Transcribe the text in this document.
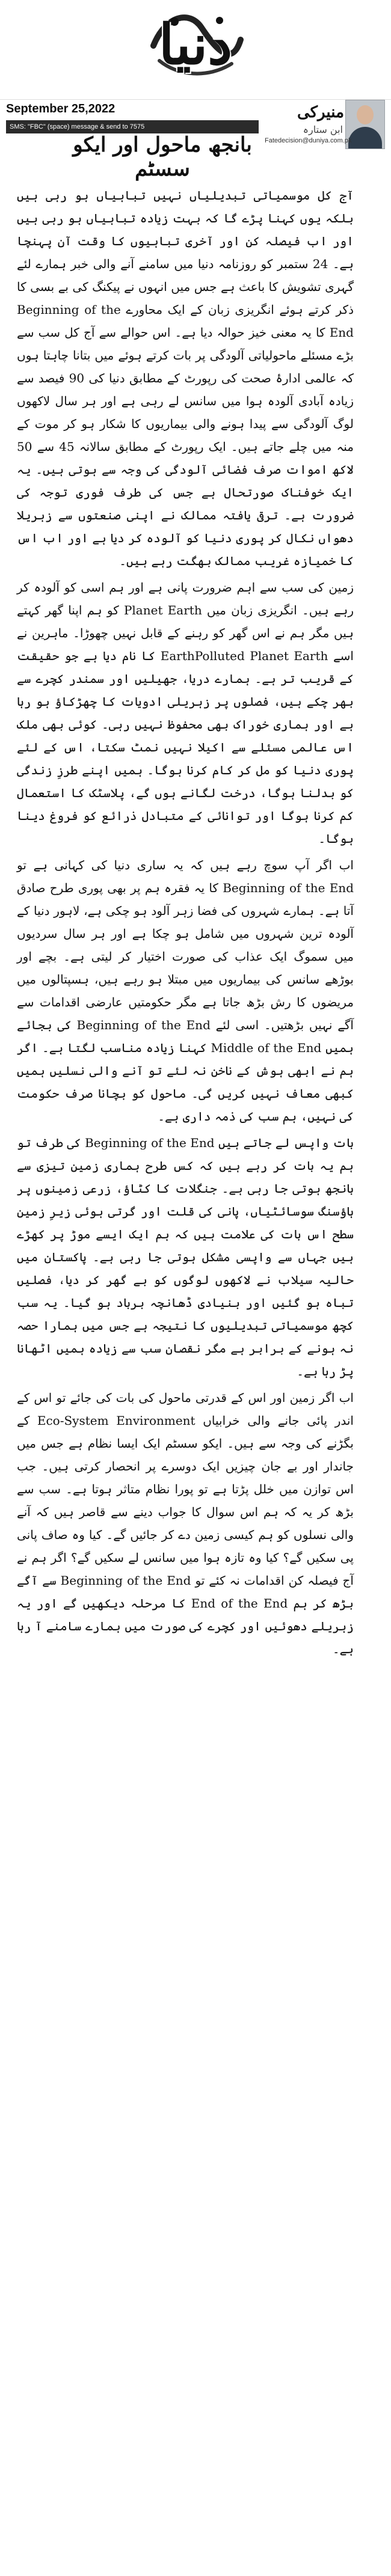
دنیا
September 25,2022
SMS: "FBC" (space) message & send to 7575
منیرکی
ابن ستارہ
Fatedecision@duniya.com.pk
بانجھ ماحول اور ایکو سسٹم

آج کل موسمیاتی تبدیلیاں نہیں تباہیاں ہو رہی ہیں بلکہ یوں کہنا پڑے گا کہ بہت زیادہ تباہیاں ہو رہی ہیں اور اب فیصلہ کن اور آخری تباہیوں کا وقت آن پہنچا ہے۔ 24 ستمبر کو روزنامہ دنیا میں سامنے آنے والی خبر ہمارے لئے گہری تشویش کا باعث ہے جس میں انہوں نے پیکنگ کی بے بسی کا ذکر کرتے ہوئے انگریزی زبان کے ایک محاورے Beginning of the End کا یہ معنی خیز حوالہ دیا ہے۔ اس حوالے سے آج کل سب سے بڑے مسئلے ماحولیاتی آلودگی پر بات کرتے ہوئے میں بتانا چاہتا ہوں کہ عالمی ادارۂ صحت کی رپورٹ کے مطابق دنیا کی 90 فیصد سے زیادہ آبادی آلودہ ہوا میں سانس لے رہی ہے اور ہر سال لاکھوں لوگ آلودگی سے پیدا ہونے والی بیماریوں کا شکار ہو کر موت کے منہ میں چلے جاتے ہیں۔ ایک رپورٹ کے مطابق سالانہ 45 سے 50 لاکھ اموات صرف فضائی آلودگی کی وجہ سے ہوتی ہیں۔ یہ ایک خوفناک صورتحال ہے جس کی طرف فوری توجہ کی ضرورت ہے۔ ترقی یافتہ ممالک نے اپنی صنعتوں سے زہریلا دھواں نکال کر پوری دنیا کو آلودہ کر دیا ہے اور اب اس کا خمیازہ غریب ممالک بھگت رہے ہیں۔

زمین کی سب سے اہم ضرورت پانی ہے اور ہم اسی کو آلودہ کر رہے ہیں۔ انگریزی زبان میں Planet Earth کو ہم اپنا گھر کہتے ہیں مگر ہم نے اس گھر کو رہنے کے قابل نہیں چھوڑا۔ ماہرین نے اسے EarthPolluted Planet Earth کا نام دیا ہے جو حقیقت کے قریب تر ہے۔ ہمارے دریا، جھیلیں اور سمندر کچرے سے بھر چکے ہیں، فصلوں پر زہریلی ادویات کا چھڑکاؤ ہو رہا ہے اور ہماری خوراک بھی محفوظ نہیں رہی۔ کوئی بھی ملک اس عالمی مسئلے سے اکیلا نہیں نمٹ سکتا، اس کے لئے پوری دنیا کو مل کر کام کرنا ہوگا۔ ہمیں اپنے طرزِ زندگی کو بدلنا ہوگا، درخت لگانے ہوں گے، پلاسٹک کا استعمال کم کرنا ہوگا اور توانائی کے متبادل ذرائع کو فروغ دینا ہوگا۔

اب اگر آپ سوچ رہے ہیں کہ یہ ساری دنیا کی کہانی ہے تو Beginning of the End کا یہ فقرہ ہم پر بھی پوری طرح صادق آتا ہے۔ ہمارے شہروں کی فضا زہر آلود ہو چکی ہے، لاہور دنیا کے آلودہ ترین شہروں میں شامل ہو چکا ہے اور ہر سال سردیوں میں سموگ ایک عذاب کی صورت اختیار کر لیتی ہے۔ بچے اور بوڑھے سانس کی بیماریوں میں مبتلا ہو رہے ہیں، ہسپتالوں میں مریضوں کا رش بڑھ جاتا ہے مگر حکومتیں عارضی اقدامات سے آگے نہیں بڑھتیں۔ اسی لئے Beginning of the End کی بجائے ہمیں Middle of the End کہنا زیادہ مناسب لگتا ہے۔ اگر ہم نے ابھی ہوش کے ناخن نہ لئے تو آنے والی نسلیں ہمیں کبھی معاف نہیں کریں گی۔ ماحول کو بچانا صرف حکومت کی نہیں، ہم سب کی ذمہ داری ہے۔

بات واپس لے جاتے ہیں Beginning of the End کی طرف تو ہم یہ بات کر رہے ہیں کہ کس طرح ہماری زمین تیزی سے بانجھ ہوتی جا رہی ہے۔ جنگلات کا کٹاؤ، زرعی زمینوں پر ہاؤسنگ سوسائٹیاں، پانی کی قلت اور گرتی ہوئی زیرِ زمین سطح اس بات کی علامت ہیں کہ ہم ایک ایسے موڑ پر کھڑے ہیں جہاں سے واپسی مشکل ہوتی جا رہی ہے۔ پاکستان میں حالیہ سیلاب نے لاکھوں لوگوں کو بے گھر کر دیا، فصلیں تباہ ہو گئیں اور بنیادی ڈھانچہ برباد ہو گیا۔ یہ سب کچھ موسمیاتی تبدیلیوں کا نتیجہ ہے جس میں ہمارا حصہ نہ ہونے کے برابر ہے مگر نقصان سب سے زیادہ ہمیں اٹھانا پڑ رہا ہے۔

اب اگر زمین اور اس کے قدرتی ماحول کی بات کی جائے تو اس کے اندر پائی جانے والی خرابیاں Eco-System Environment کے بگڑنے کی وجہ سے ہیں۔ ایکو سسٹم ایک ایسا نظام ہے جس میں جاندار اور بے جان چیزیں ایک دوسرے پر انحصار کرتی ہیں۔ جب اس توازن میں خلل پڑتا ہے تو پورا نظام متاثر ہوتا ہے۔ سب سے بڑھ کر یہ کہ ہم اس سوال کا جواب دینے سے قاصر ہیں کہ آنے والی نسلوں کو ہم کیسی زمین دے کر جائیں گے۔ کیا وہ صاف پانی پی سکیں گے؟ کیا وہ تازہ ہوا میں سانس لے سکیں گے؟ اگر ہم نے آج فیصلہ کن اقدامات نہ کئے تو Beginning of the End سے آگے بڑھ کر ہم End of the End کا مرحلہ دیکھیں گے اور یہ زہریلے دھوئیں اور کچرے کی صورت میں ہمارے سامنے آ رہا ہے۔
